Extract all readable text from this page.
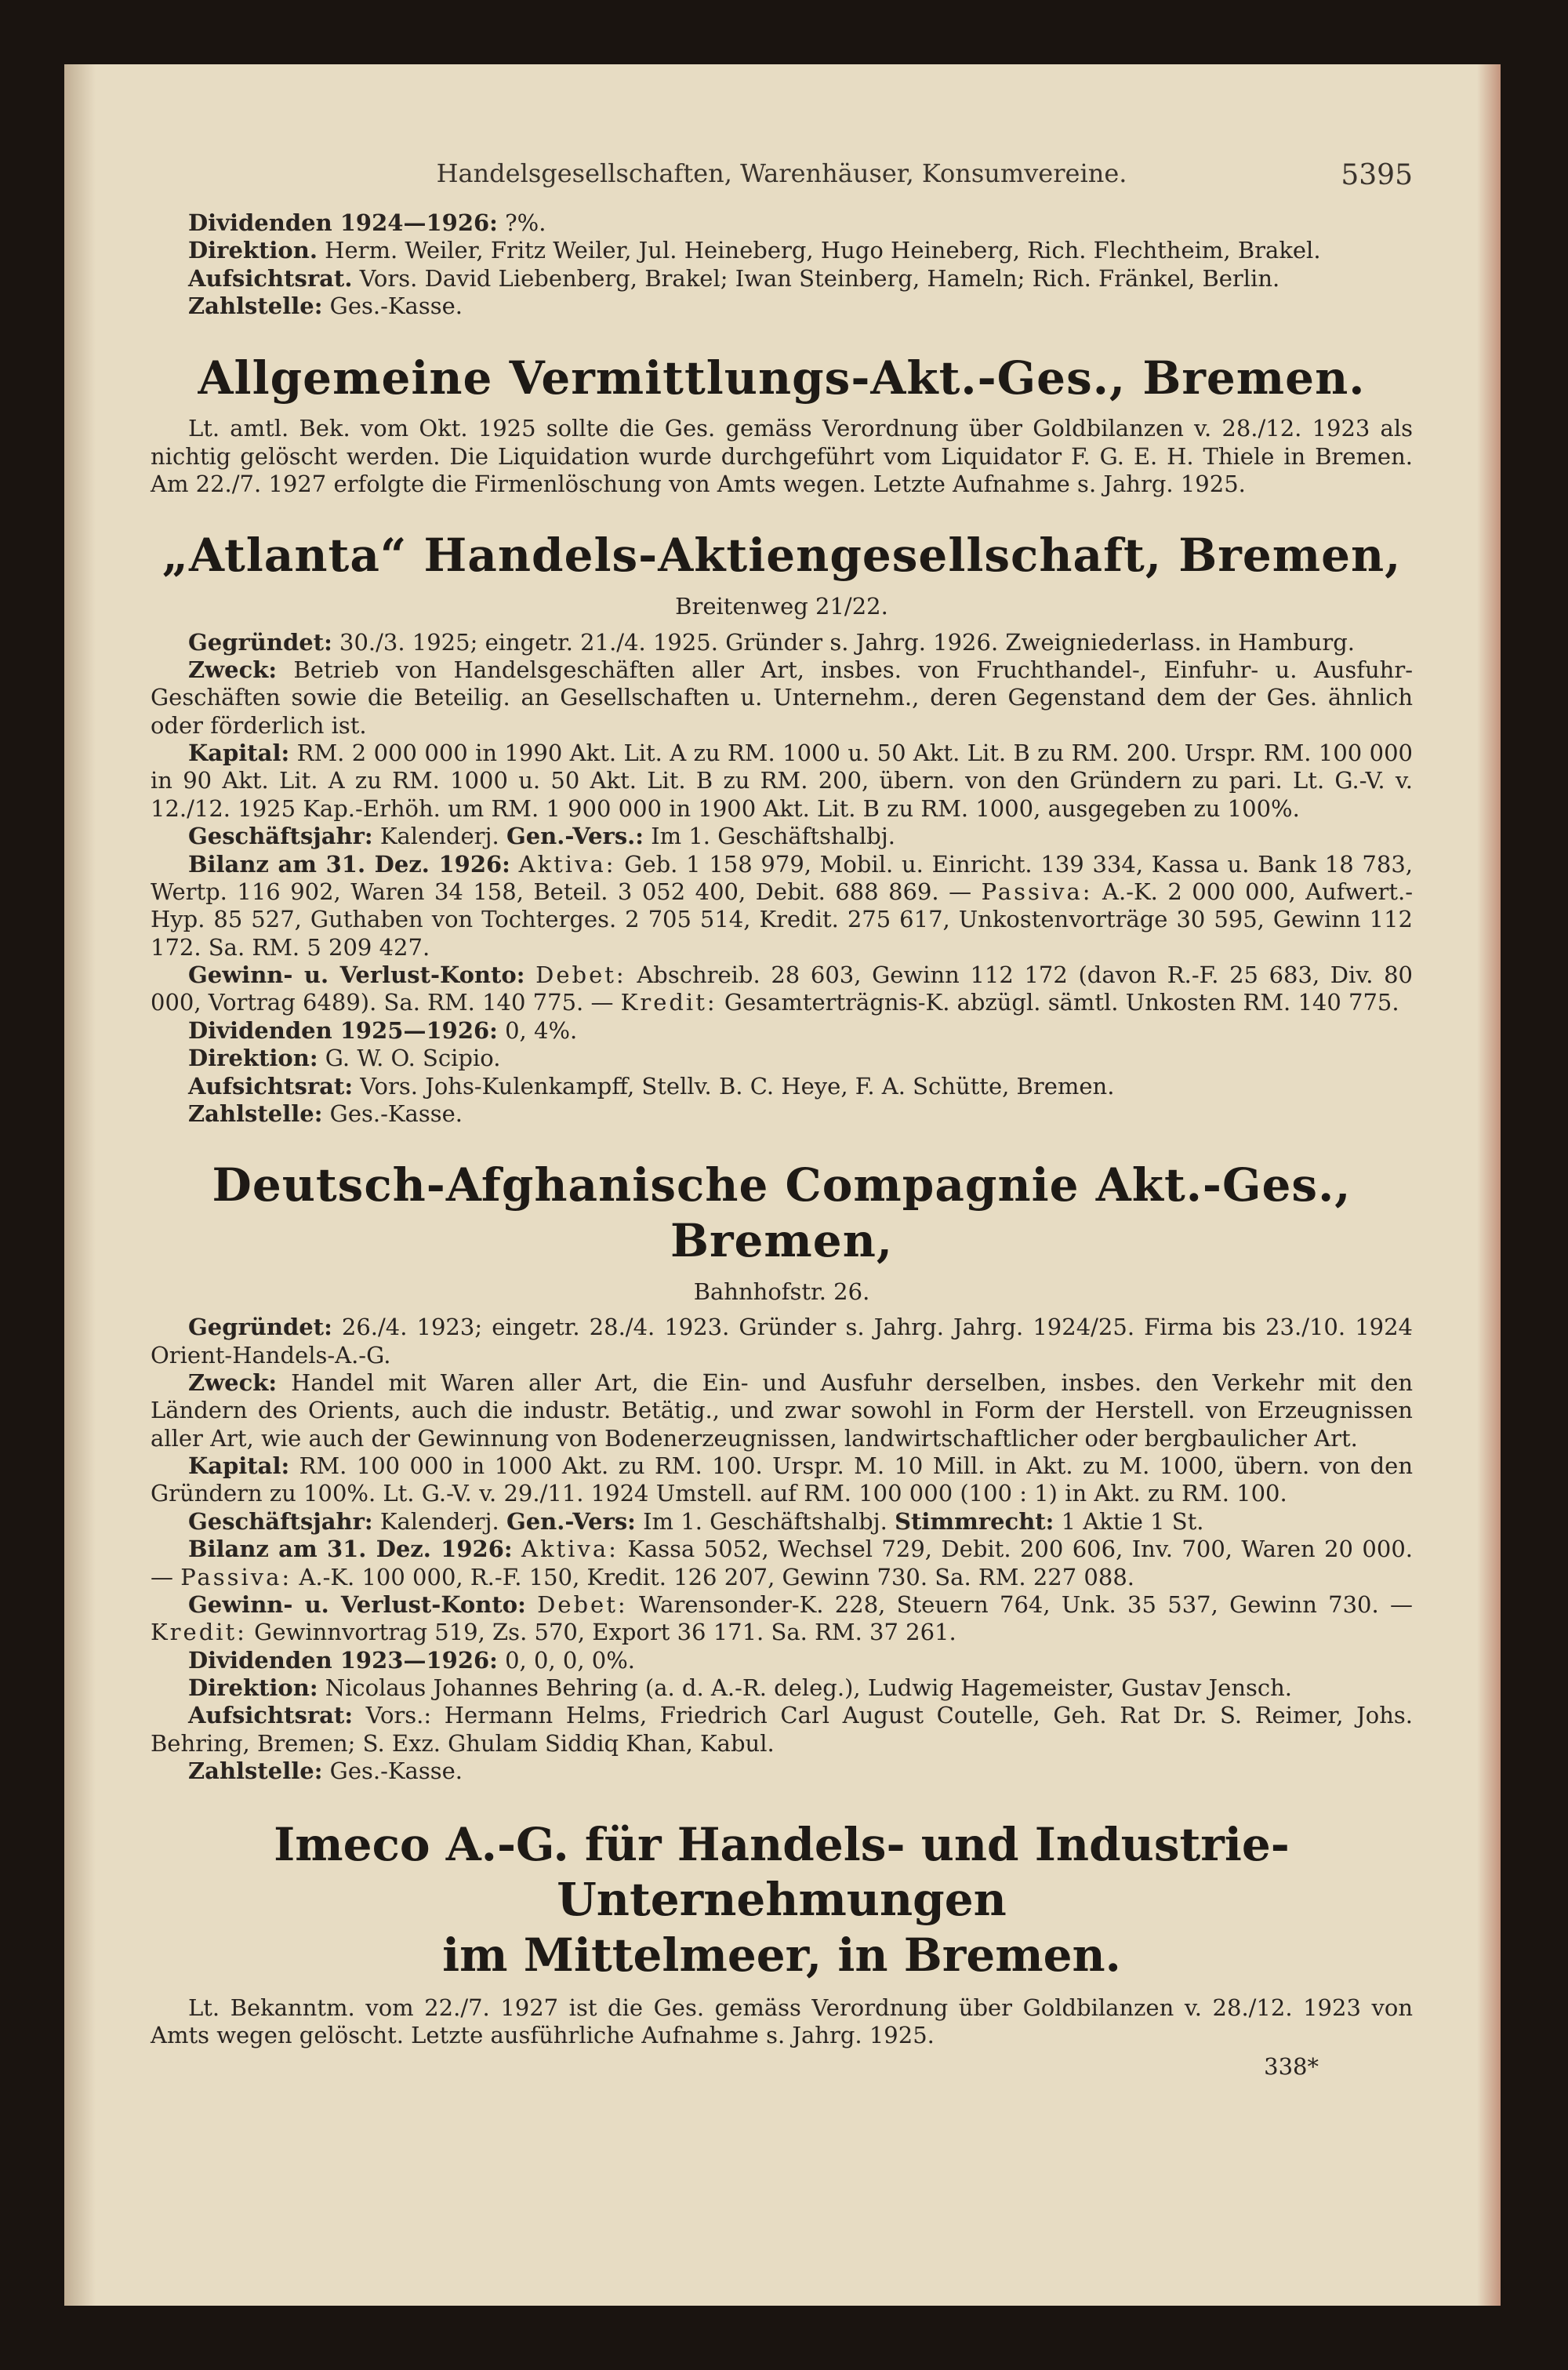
Handelsgesellschaften, Warenhäuser, Konsumvereine.	5395

Dividenden 1924—1926: ?%.

Direktion. Herm. Weiler, Fritz Weiler, Jul. Heineberg, Hugo Heineberg, Rich. Flechtheim, Brakel.

Aufsichtsrat. Vors. David Liebenberg, Brakel; Iwan Steinberg, Hameln; Rich. Fränkel, Berlin.

Zahlstelle: Ges.-Kasse.

Allgemeine Vermittlungs-Akt.-Ges., Bremen.

Lt. amtl. Bek. vom Okt. 1925 sollte die Ges. gemäss Verordnung über Goldbilanzen v. 28./12. 1923 als nichtig gelöscht werden. Die Liquidation wurde durchgeführt vom Liquidator F. G. E. H. Thiele in Bremen. Am 22./7. 1927 erfolgte die Firmenlöschung von Amts wegen. Letzte Aufnahme s. Jahrg. 1925.

„Atlanta“ Handels-Aktiengesellschaft, Bremen,

Breitenweg 21/22.

Gegründet: 30./3. 1925; eingetr. 21./4. 1925. Gründer s. Jahrg. 1926. Zweigniederlass. in Hamburg.

Zweck: Betrieb von Handelsgeschäften aller Art, insbes. von Fruchthandel-, Einfuhr- u. Ausfuhr-Geschäften sowie die Beteilig. an Gesellschaften u. Unternehm., deren Gegenstand dem der Ges. ähnlich oder förderlich ist.

Kapital: RM. 2 000 000 in 1990 Akt. Lit. A zu RM. 1000 u. 50 Akt. Lit. B zu RM. 200. Urspr. RM. 100 000 in 90 Akt. Lit. A zu RM. 1000 u. 50 Akt. Lit. B zu RM. 200, übern. von den Gründern zu pari. Lt. G.-V. v. 12./12. 1925 Kap.-Erhöh. um RM. 1 900 000 in 1900 Akt. Lit. B zu RM. 1000, ausgegeben zu 100%.

Geschäftsjahr: Kalenderj. Gen.-Vers.: Im 1. Geschäftshalbj.

Bilanz am 31. Dez. 1926: Aktiva: Geb. 1 158 979, Mobil. u. Einricht. 139 334, Kassa u. Bank 18 783, Wertp. 116 902, Waren 34 158, Beteil. 3 052 400, Debit. 688 869. — Passiva: A.-K. 2 000 000, Aufwert.-Hyp. 85 527, Guthaben von Tochterges. 2 705 514, Kredit. 275 617, Unkostenvorträge 30 595, Gewinn 112 172. Sa. RM. 5 209 427.

Gewinn- u. Verlust-Konto: Debet: Abschreib. 28 603, Gewinn 112 172 (davon R.-F. 25 683, Div. 80 000, Vortrag 6489). Sa. RM. 140 775. — Kredit: Gesamterträgnis-K. abzügl. sämtl. Unkosten RM. 140 775.

Dividenden 1925—1926: 0, 4%.

Direktion: G. W. O. Scipio.

Aufsichtsrat: Vors. Johs-Kulenkampff, Stellv. B. C. Heye, F. A. Schütte, Bremen.

Zahlstelle: Ges.-Kasse.

Deutsch-Afghanische Compagnie Akt.-Ges., Bremen,

Bahnhofstr. 26.

Gegründet: 26./4. 1923; eingetr. 28./4. 1923. Gründer s. Jahrg. Jahrg. 1924/25. Firma bis 23./10. 1924 Orient-Handels-A.-G.

Zweck: Handel mit Waren aller Art, die Ein- und Ausfuhr derselben, insbes. den Verkehr mit den Ländern des Orients, auch die industr. Betätig., und zwar sowohl in Form der Herstell. von Erzeugnissen aller Art, wie auch der Gewinnung von Bodenerzeugnissen, landwirtschaftlicher oder bergbaulicher Art.

Kapital: RM. 100 000 in 1000 Akt. zu RM. 100. Urspr. M. 10 Mill. in Akt. zu M. 1000, übern. von den Gründern zu 100%. Lt. G.-V. v. 29./11. 1924 Umstell. auf RM. 100 000 (100 : 1) in Akt. zu RM. 100.

Geschäftsjahr: Kalenderj. Gen.-Vers: Im 1. Geschäftshalbj. Stimmrecht: 1 Aktie 1 St.

Bilanz am 31. Dez. 1926: Aktiva: Kassa 5052, Wechsel 729, Debit. 200 606, Inv. 700, Waren 20 000. — Passiva: A.-K. 100 000, R.-F. 150, Kredit. 126 207, Gewinn 730. Sa. RM. 227 088.

Gewinn- u. Verlust-Konto: Debet: Warensonder-K. 228, Steuern 764, Unk. 35 537, Gewinn 730. — Kredit: Gewinnvortrag 519, Zs. 570, Export 36 171. Sa. RM. 37 261.

Dividenden 1923—1926: 0, 0, 0, 0%.

Direktion: Nicolaus Johannes Behring (a. d. A.-R. deleg.), Ludwig Hagemeister, Gustav Jensch.

Aufsichtsrat: Vors.: Hermann Helms, Friedrich Carl August Coutelle, Geh. Rat Dr. S. Reimer, Johs. Behring, Bremen; S. Exz. Ghulam Siddiq Khan, Kabul.

Zahlstelle: Ges.-Kasse.

Imeco A.-G. für Handels- und Industrie-Unternehmungen
im Mittelmeer, in Bremen.

Lt. Bekanntm. vom 22./7. 1927 ist die Ges. gemäss Verordnung über Goldbilanzen v. 28./12. 1923 von Amts wegen gelöscht. Letzte ausführliche Aufnahme s. Jahrg. 1925.

338*
